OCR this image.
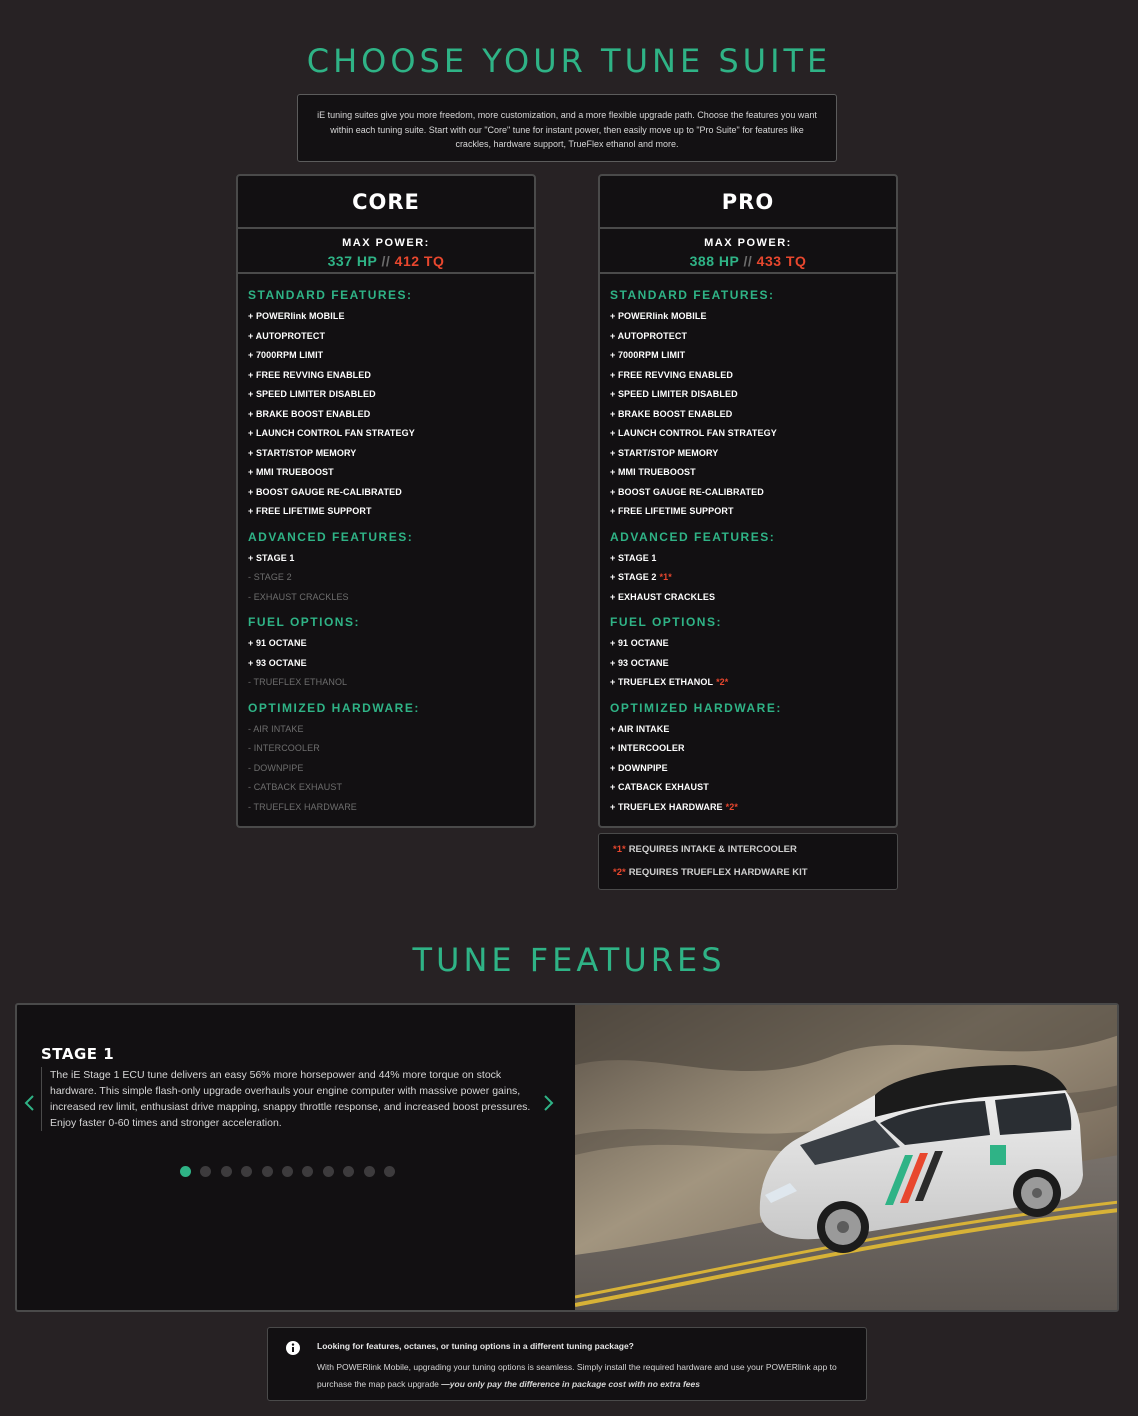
CHOOSE YOUR TUNE SUITE
iE tuning suites give you more freedom, more customization, and a more flexible upgrade path. Choose the features you want within each tuning suite. Start with our "Core" tune for instant power, then easily move up to "Pro Suite" for features like crackles, hardware support, TrueFlex ethanol and more.
CORE
MAX POWER:
337 HP // 412 TQ
STANDARD FEATURES:
+ POWERlink MOBILE
+ AUTOPROTECT
+ 7000RPM LIMIT
+ FREE REVVING ENABLED
+ SPEED LIMITER DISABLED
+ BRAKE BOOST ENABLED
+ LAUNCH CONTROL FAN STRATEGY
+ START/STOP MEMORY
+ MMI TRUEBOOST
+ BOOST GAUGE RE-CALIBRATED
+ FREE LIFETIME SUPPORT
ADVANCED FEATURES:
+ STAGE 1
- STAGE 2
- EXHAUST CRACKLES
FUEL OPTIONS:
+ 91 OCTANE
+ 93 OCTANE
- TRUEFLEX ETHANOL
OPTIMIZED HARDWARE:
- AIR INTAKE
- INTERCOOLER
- DOWNPIPE
- CATBACK EXHAUST
- TRUEFLEX HARDWARE
PRO
MAX POWER:
388 HP // 433 TQ
STANDARD FEATURES:
+ POWERlink MOBILE
+ AUTOPROTECT
+ 7000RPM LIMIT
+ FREE REVVING ENABLED
+ SPEED LIMITER DISABLED
+ BRAKE BOOST ENABLED
+ LAUNCH CONTROL FAN STRATEGY
+ START/STOP MEMORY
+ MMI TRUEBOOST
+ BOOST GAUGE RE-CALIBRATED
+ FREE LIFETIME SUPPORT
ADVANCED FEATURES:
+ STAGE 1
+ STAGE 2 *1*
+ EXHAUST CRACKLES
FUEL OPTIONS:
+ 91 OCTANE
+ 93 OCTANE
+ TRUEFLEX ETHANOL *2*
OPTIMIZED HARDWARE:
+ AIR INTAKE
+ INTERCOOLER
+ DOWNPIPE
+ CATBACK EXHAUST
+ TRUEFLEX HARDWARE *2*
*1* REQUIRES INTAKE & INTERCOOLER
*2* REQUIRES TRUEFLEX HARDWARE KIT
TUNE FEATURES
STAGE 1
The iE Stage 1 ECU tune delivers an easy 56% more horsepower and 44% more torque on stock hardware. This simple flash-only upgrade overhauls your engine computer with massive power gains, increased rev limit, enthusiast drive mapping, snappy throttle response, and increased boost pressures. Enjoy faster 0-60 times and stronger acceleration.
Looking for features, octanes, or tuning options in a different tuning package?
With POWERlink Mobile, upgrading your tuning options is seamless. Simply install the required hardware and use your POWERlink app to purchase the map pack upgrade —you only pay the difference in package cost with no extra fees
